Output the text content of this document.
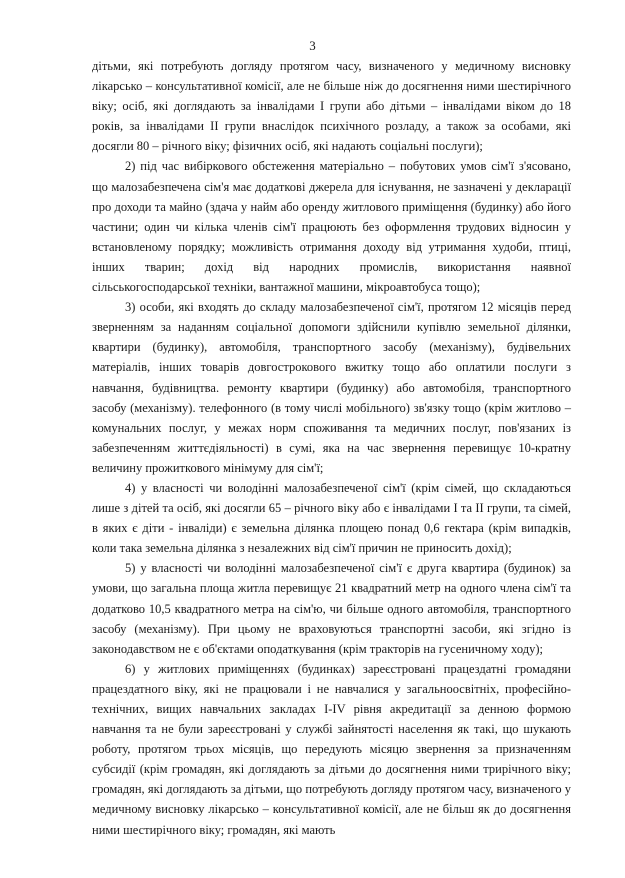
3

дітьми, які потребують догляду протягом часу, визначеного у медичному висновку лікарсько – консультативної комісії, але не більше ніж до досягнення ними шестирічного віку; осіб, які доглядають за інвалідами І групи або дітьми – інвалідами віком до 18 років, за інвалідами ІІ групи внаслідок психічного розладу, а також за особами, які досягли 80 – річного віку; фізичних осіб, які надають соціальні послуги);

2) під час вибіркового обстеження матеріально – побутових умов сім'ї з'ясовано, що малозабезпечена сім'я має додаткові джерела для існування, не зазначені у декларації про доходи та майно (здача у найм або оренду житлового приміщення (будинку) або його частини; один чи кілька членів сім'ї працюють без оформлення трудових відносин у встановленому порядку; можливість отримання доходу від утримання худоби, птиці, інших тварин; дохід від народних промислів, використання наявної сільськогосподарської техніки, вантажної машини, мікроавтобуса тощо);

3) особи, які входять до складу малозабезпеченої сім'ї, протягом 12 місяців перед зверненням за наданням соціальної допомоги здійснили купівлю земельної ділянки, квартири (будинку), автомобіля, транспортного засобу (механізму), будівельних матеріалів, інших товарів довгострокового вжитку тощо або оплатили послуги з навчання, будівництва. ремонту квартири (будинку) або автомобіля, транспортного засобу (механізму). телефонного (в тому числі мобільного) зв'язку тощо (крім житлово – комунальних послуг, у межах норм споживання та медичних послуг, пов'язаних із забезпеченням життєдіяльності) в сумі, яка на час звернення перевищує 10-кратну величину прожиткового мінімуму для сім'ї;

4) у власності чи володінні малозабезпеченої сім'ї (крім сімей, що складаються лише з дітей та осіб, які досягли 65 – річного віку або є інвалідами І та ІІ групи, та сімей, в яких є діти - інваліди) є земельна ділянка площею понад 0,6 гектара (крім випадків, коли така земельна ділянка з незалежних від сім'ї причин не приносить дохід);

5) у власності чи володінні малозабезпеченої сім'ї є друга квартира (будинок) за умови, що загальна площа житла перевищує 21 квадратний метр на одного члена сім'ї та додатково 10,5 квадратного метра на сім'ю, чи більше одного автомобіля, транспортного засобу (механізму). При цьому не враховуються транспортні засоби, які згідно із законодавством не є об'єктами оподаткування (крім тракторів на гусеничному ходу);

6) у житлових приміщеннях (будинках) зареєстровані працездатні громадяни працездатного віку, які не працювали і не навчалися у загальноосвітніх, професійно-технічних, вищих навчальних закладах І-ІV рівня акредитації за денною формою навчання та не були зареєстровані у службі зайнятості населення як такі, що шукають роботу, протягом трьох місяців, що передують місяцю звернення за призначенням субсидії (крім громадян, які доглядають за дітьми до досягнення ними трирічного віку; громадян, які доглядають за дітьми, що потребують догляду протягом часу, визначеного у медичному висновку лікарсько – консультативної комісії, але не більш як до досягнення ними шестирічного віку; громадян, які мають
